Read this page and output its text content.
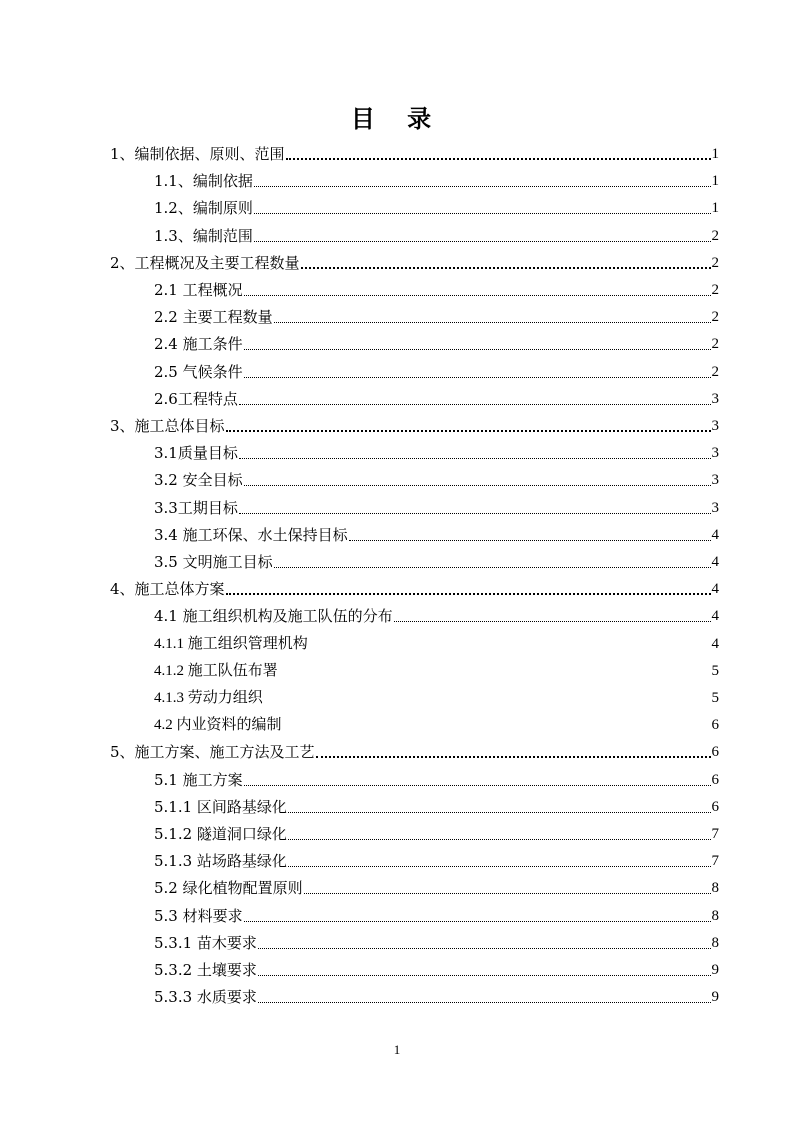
目 录
1、编制依据、原则、范围	1
1.1、编制依据	1
1.2、编制原则	1
1.3、编制范围	2
2、工程概况及主要工程数量	2
2.1 工程概况	2
2.2 主要工程数量	2
2.4 施工条件	2
2.5 气候条件	2
2.6工程特点	3
3、施工总体目标	3
3.1质量目标	3
3.2 安全目标	3
3.3工期目标	3
3.4 施工环保、水土保持目标	4
3.5 文明施工目标	4
4、施工总体方案	4
4.1 施工组织机构及施工队伍的分布	4
4.1.1 施工组织管理机构	4
4.1.2 施工队伍布署	5
4.1.3 劳动力组织	5
4.2 内业资料的编制	6
5、施工方案、施工方法及工艺	6
5.1 施工方案	6
5.1.1 区间路基绿化	6
5.1.2 隧道洞口绿化	7
5.1.3 站场路基绿化	7
5.2 绿化植物配置原则	8
5.3 材料要求	8
5.3.1 苗木要求	8
5.3.2 土壤要求	9
5.3.3 水质要求	9
1
